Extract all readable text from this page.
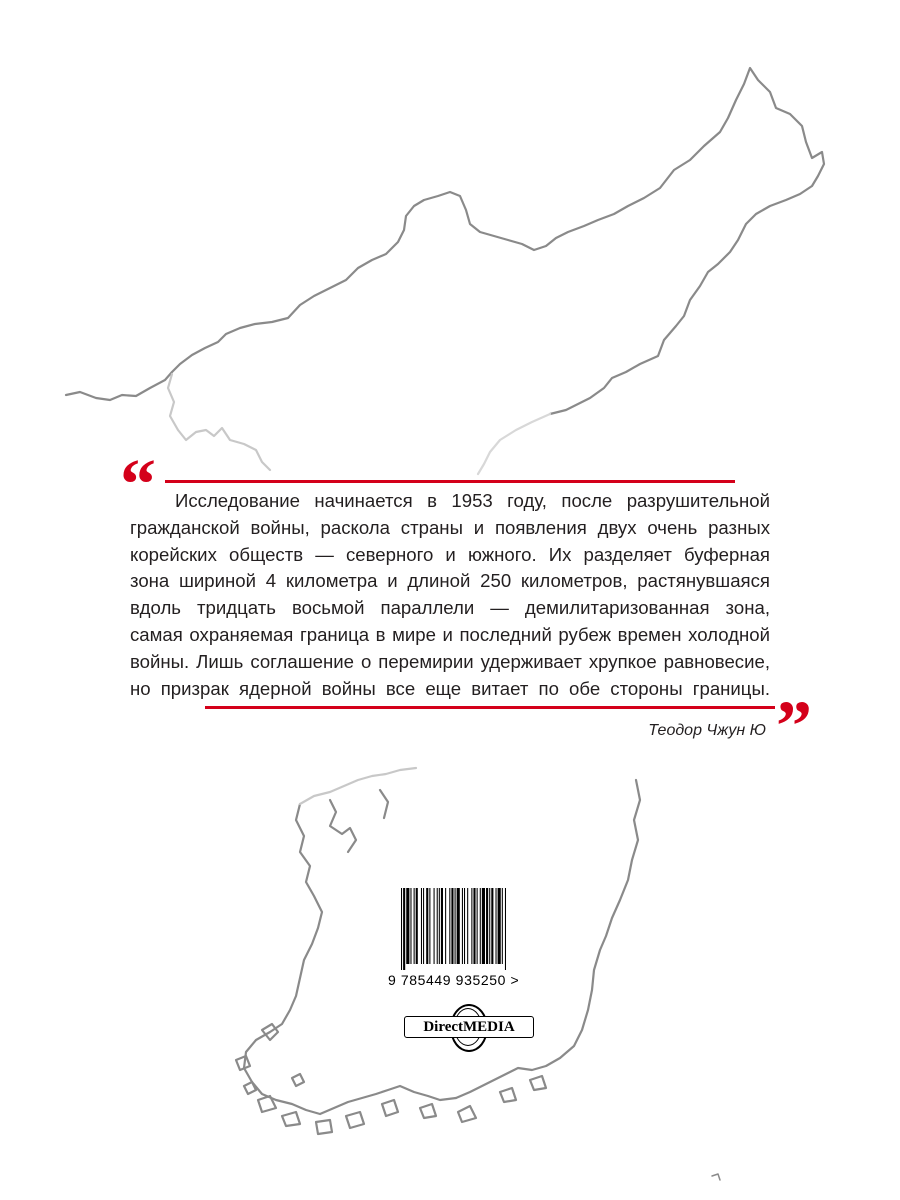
“	Исследование начинается в 1953 году, после разрушительной
гражданской войны, раскола страны и появления двух очень разных
корейских обществ — северного и южного. Их разделяет буферная
зона шириной 4 километра и длиной 250 километров, растянувшаяся
вдоль тридцать восьмой параллели — демилитаризованная зона,
самая охраняемая граница в мире и последний рубеж времен холодной
войны. Лишь соглашение о перемирии удерживает хрупкое равновесие,
но призрак ядерной войны все еще витает по обе стороны границы. ”
Теодор Чжун Ю
9 785449 935250 >
DirectMEDIA
